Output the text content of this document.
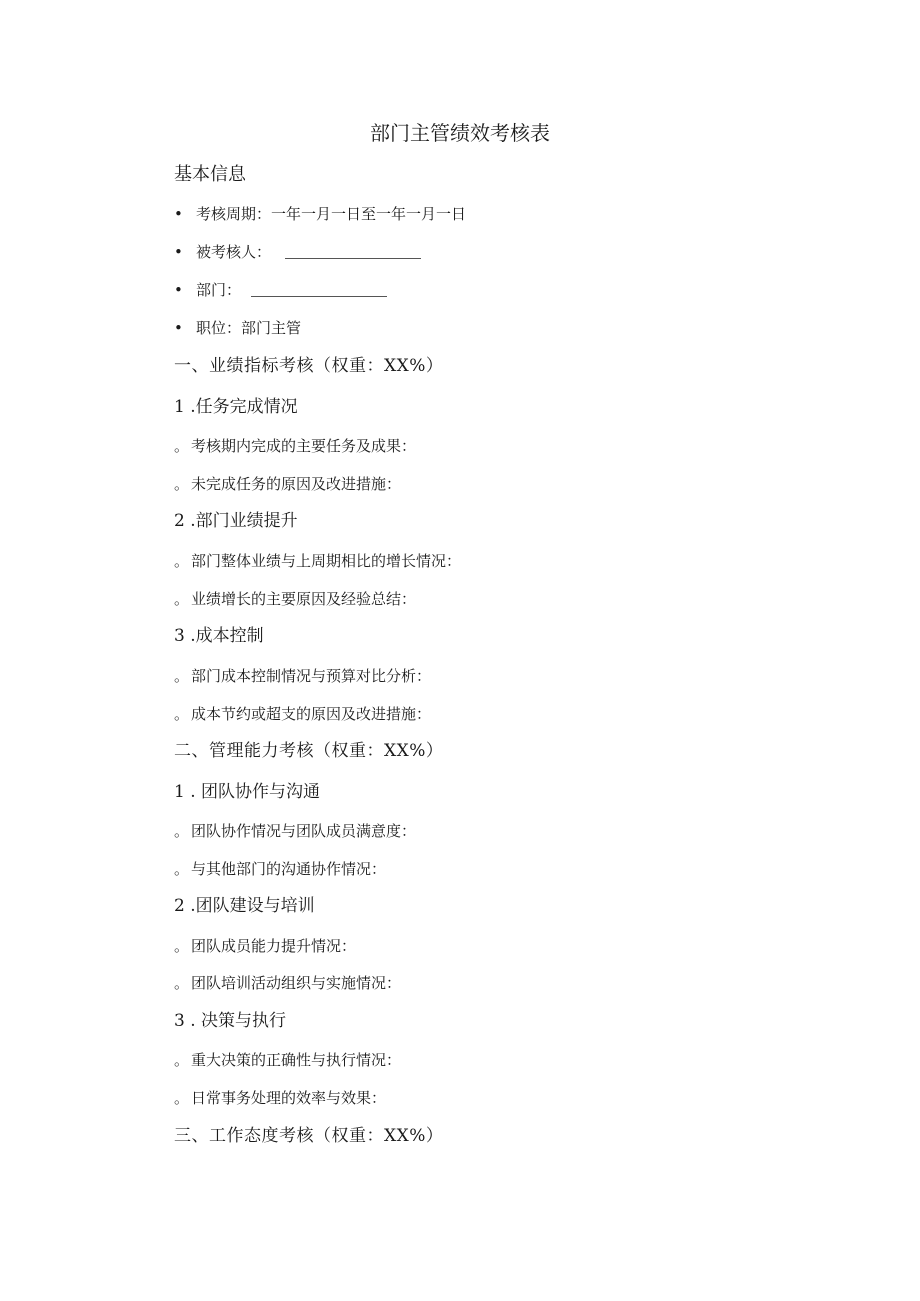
部门主管绩效考核表
基本信息
• 考核周期：一年一月一日至一年一月一日
• 被考核人：
• 部门：
• 职位：部门主管
一、业绩指标考核（权重：XX%）
1 .任务完成情况
。 考核期内完成的主要任务及成果：
。 未完成任务的原因及改进措施：
2 .部门业绩提升
。 部门整体业绩与上周期相比的增长情况：
。 业绩增长的主要原因及经验总结：
3 .成本控制
。 部门成本控制情况与预算对比分析：
。 成本节约或超支的原因及改进措施：
二、管理能力考核（权重：XX%）
1 . 团队协作与沟通
。 团队协作情况与团队成员满意度：
。 与其他部门的沟通协作情况：
2 .团队建设与培训
。 团队成员能力提升情况：
。 团队培训活动组织与实施情况：
3 . 决策与执行
。 重大决策的正确性与执行情况：
。 日常事务处理的效率与效果：
三、工作态度考核（权重：XX%）
